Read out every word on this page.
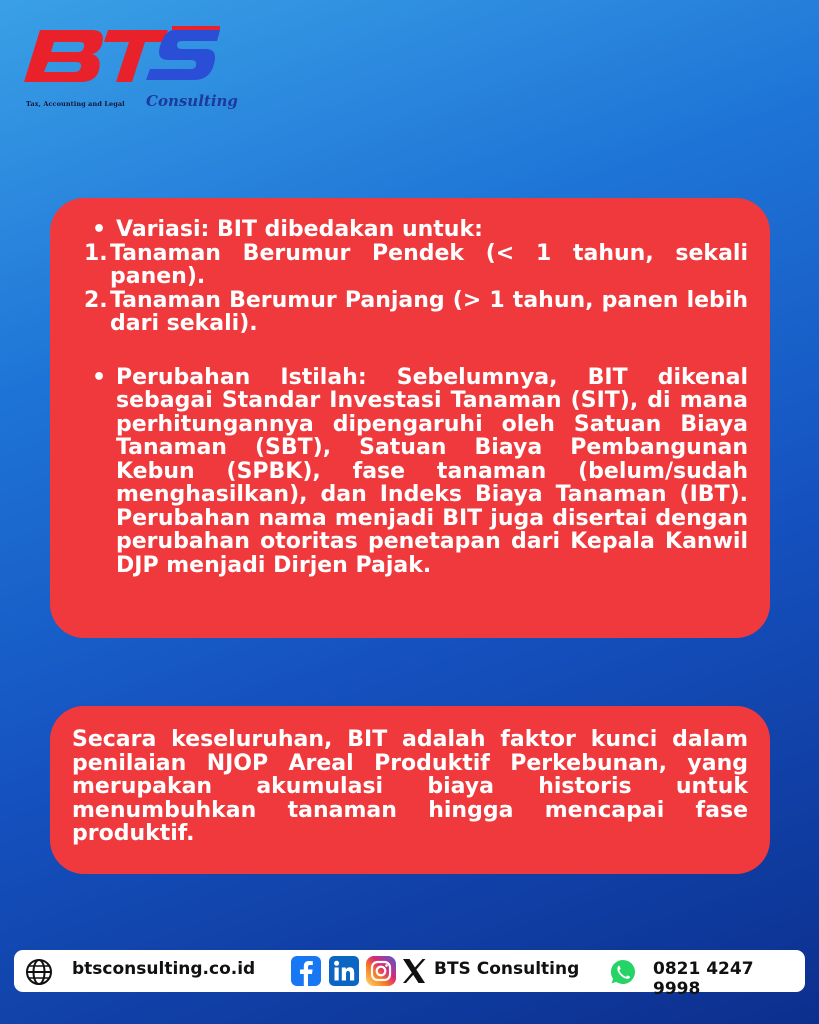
Tax, Accounting and Legal Consulting
• Variasi: BIT dibedakan untuk:
1. Tanaman Berumur Pendek (< 1 tahun, sekali panen).
2. Tanaman Berumur Panjang (> 1 tahun, panen lebih dari sekali).
• Perubahan Istilah: Sebelumnya, BIT dikenal sebagai Standar Investasi Tanaman (SIT), di mana perhitungannya dipengaruhi oleh Satuan Biaya Tanaman (SBT), Satuan Biaya Pembangunan Kebun (SPBK), fase tanaman (belum/sudah menghasilkan), dan Indeks Biaya Tanaman (IBT). Perubahan nama menjadi BIT juga disertai dengan perubahan otoritas penetapan dari Kepala Kanwil DJP menjadi Dirjen Pajak.

Secara keseluruhan, BIT adalah faktor kunci dalam penilaian NJOP Areal Produktif Perkebunan, yang merupakan akumulasi biaya historis untuk menumbuhkan tanaman hingga mencapai fase produktif.

btsconsulting.co.id	BTS Consulting	0821 4247 9998
